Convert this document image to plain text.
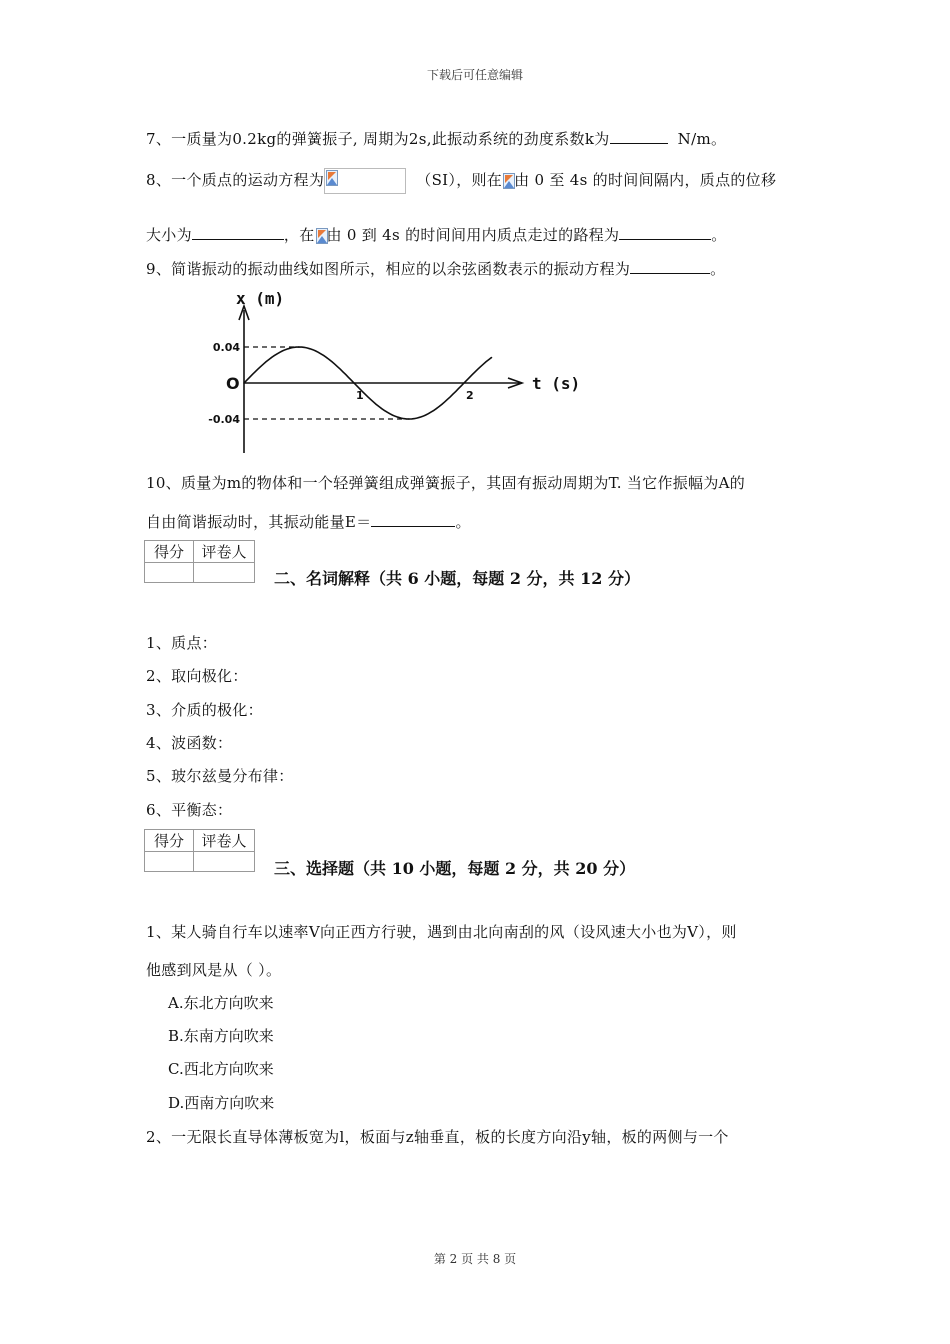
下载后可任意编辑
7、一质量为0.2kg的弹簧振子, 周期为2s,此振动系统的劲度系数k为	N/m。
8、一个质点的运动方程为	（SI），则在 由 0 至 4s 的时间间隔内，质点的位移
大小为	，在 由 0 到 4s 的时间间用内质点走过的路程为	。
9、简谐振动的振动曲线如图所示，相应的以余弦函数表示的振动方程为	。
x (m)
t (s)
O
0.04
-0.04
1	2
10、质量为m的物体和一个轻弹簧组成弹簧振子，其固有振动周期为T. 当它作振幅为A的
自由简谐振动时，其振动能量E＝	。
得分	评卷人

二、名词解释（共 6 小题，每题 2 分，共 12 分）
1、质点：
2、取向极化：
3、介质的极化：
4、波函数：
5、玻尔兹曼分布律：
6、平衡态：
得分	评卷人

三、选择题（共 10 小题，每题 2 分，共 20 分）
1、某人骑自行车以速率V向正西方行驶，遇到由北向南刮的风（设风速大小也为V），则
他感到风是从（ ）。
A.东北方向吹来
B.东南方向吹来
C.西北方向吹来
D.西南方向吹来
2、一无限长直导体薄板宽为l，板面与z轴垂直，板的长度方向沿y轴，板的两侧与一个
第 2 页 共 8 页
